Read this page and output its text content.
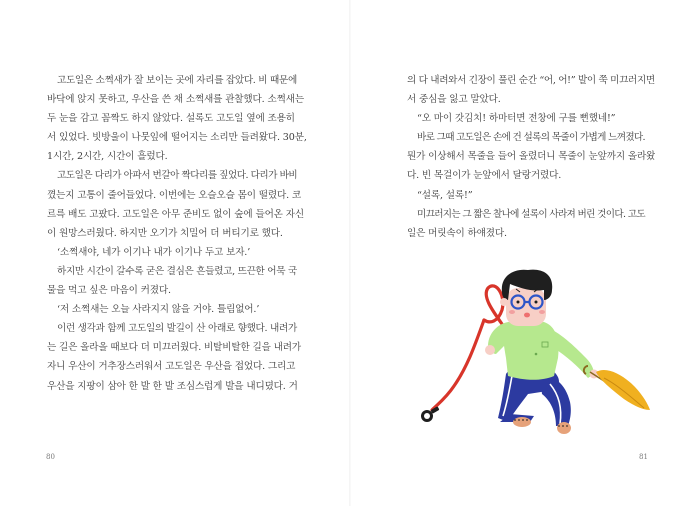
고도일은 소쩍새가 잘 보이는 곳에 자리를 잡았다. 비 때문에

바닥에 앉지 못하고, 우산을 쓴 채 소쩍새를 관찰했다. 소쩍새는

두 눈을 감고 꼼짝도 하지 않았다. 설록도 고도일 옆에 조용히

서 있었다. 빗방울이 나뭇잎에 떨어지는 소리만 들려왔다. 30분,

1시간, 2시간, 시간이 흘렀다.

고도일은 다리가 아파서 번갈아 짝다리를 짚었다. 다리가 바비

꼈는지 고통이 줄어들었다. 이번에는 오슬오슬 몸이 떨렸다. 코

르륵 배도 고팠다. 고도일은 아무 준비도 없이 숲에 들어온 자신

이 원망스러웠다. 하지만 오기가 치밀어 더 버티기로 했다.

‘소쩍새야, 네가 이기나 내가 이기나 두고 보자.’

하지만 시간이 갈수록 굳은 결심은 흔들렸고, 뜨끈한 어묵 국

물을 먹고 싶은 마음이 커졌다.

‘저 소쩍새는 오늘 사라지지 않을 거야. 틀림없어.’

이런 생각과 함께 고도일의 발길이 산 아래로 향했다. 내려가

는 길은 올라올 때보다 더 미끄러웠다. 비탈비탈한 길을 내려가

자니 우산이 거추장스러워서 고도일은 우산을 접었다. 그리고

우산을 지팡이 삼아 한 발 한 발 조심스럽게 발을 내디뎠다. 거

80

의 다 내려와서 긴장이 풀린 순간 “어, 어!” 발이 쭉 미끄러지면

서 중심을 잃고 말았다.

“오 마이 갓김치! 하마터면 전창에 구를 뻔했네!”

바로 그때 고도일은 손에 건 설록의 목줄이 가볍게 느껴졌다.

뭔가 이상해서 목줄을 들어 올렸더니 목줄이 눈앞까지 올라왔

다. 빈 목걸이가 눈앞에서 달랑거렸다.

“설록, 설록!”

미끄러지는 그 짧은 찰나에 설록이 사라져 버린 것이다. 고도

일은 머릿속이 하얘졌다.

81
